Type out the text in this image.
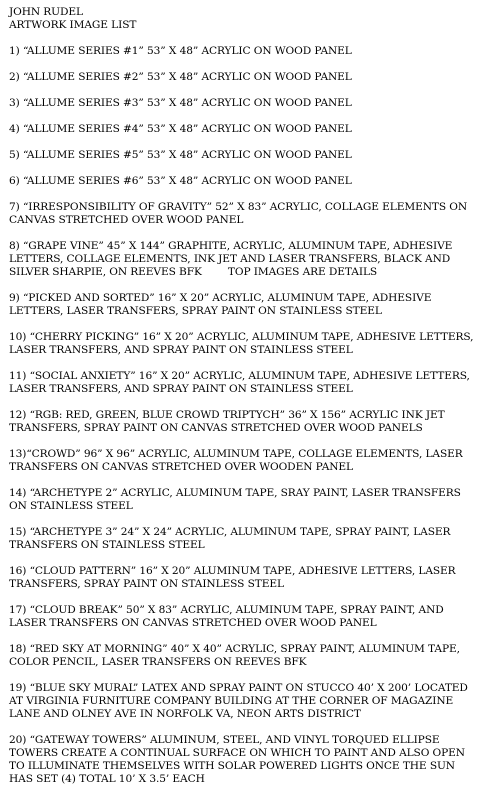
JOHN RUDEL
ARTWORK IMAGE LIST

1) “ALLUME SERIES #1” 53” X 48” ACRYLIC ON WOOD PANEL

2) “ALLUME SERIES #2” 53” X 48” ACRYLIC ON WOOD PANEL

3) “ALLUME SERIES #3” 53” X 48” ACRYLIC ON WOOD PANEL

4) “ALLUME SERIES #4” 53” X 48” ACRYLIC ON WOOD PANEL

5) “ALLUME SERIES #5” 53” X 48” ACRYLIC ON WOOD PANEL

6) “ALLUME SERIES #6” 53” X 48” ACRYLIC ON WOOD PANEL

7) “IRRESPONSIBILITY OF GRAVITY” 52” X 83” ACRYLIC, COLLAGE ELEMENTS ON CANVAS STRETCHED OVER WOOD PANEL

8) “GRAPE VINE” 45” X 144” GRAPHITE, ACRYLIC, ALUMINUM TAPE, ADHESIVE LETTERS, COLLAGE ELEMENTS, INK JET AND LASER TRANSFERS, BLACK AND SILVER SHARPIE, ON REEVES BFK        TOP IMAGES ARE DETAILS

9) “PICKED AND SORTED” 16” X 20” ACRYLIC, ALUMINUM TAPE, ADHESIVE LETTERS, LASER TRANSFERS, SPRAY PAINT ON STAINLESS STEEL

10) “CHERRY PICKING” 16” X 20” ACRYLIC, ALUMINUM TAPE, ADHESIVE LETTERS, LASER TRANSFERS, AND SPRAY PAINT ON STAINLESS STEEL

11) “SOCIAL ANXIETY” 16” X 20” ACRYLIC, ALUMINUM TAPE, ADHESIVE LETTERS, LASER TRANSFERS, AND SPRAY PAINT ON STAINLESS STEEL

12) “RGB: RED, GREEN, BLUE CROWD TRIPTYCH” 36” X 156” ACRYLIC INK JET TRANSFERS, SPRAY PAINT ON CANVAS STRETCHED OVER WOOD PANELS

13)“CROWD” 96” X 96” ACRYLIC, ALUMINUM TAPE, COLLAGE ELEMENTS, LASER TRANSFERS ON CANVAS STRETCHED OVER WOODEN PANEL

14) “ARCHETYPE 2” ACRYLIC, ALUMINUM TAPE, SRAY PAINT, LASER TRANSFERS ON STAINLESS STEEL

15) “ARCHETYPE 3” 24” X 24” ACRYLIC, ALUMINUM TAPE, SPRAY PAINT, LASER TRANSFERS ON STAINLESS STEEL

16) “CLOUD PATTERN” 16” X 20” ALUMINUM TAPE, ADHESIVE LETTERS, LASER TRANSFERS, SPRAY PAINT ON STAINLESS STEEL

17) “CLOUD BREAK” 50” X 83” ACRYLIC, ALUMINUM TAPE, SPRAY PAINT, AND LASER TRANSFERS ON CANVAS STRETCHED OVER WOOD PANEL

18) “RED SKY AT MORNING” 40” X 40” ACRYLIC, SPRAY PAINT, ALUMINUM TAPE, COLOR PENCIL, LASER TRANSFERS ON REEVES BFK

19) “BLUE SKY MURAL” LATEX AND SPRAY PAINT ON STUCCO 40’ X 200’ LOCATED AT VIRGINIA FURNITURE COMPANY BUILDING AT THE CORNER OF MAGAZINE LANE AND OLNEY AVE IN NORFOLK VA, NEON ARTS DISTRICT

20) “GATEWAY TOWERS” ALUMINUM, STEEL, AND VINYL TORQUED ELLIPSE TOWERS CREATE A CONTINUAL SURFACE ON WHICH TO PAINT AND ALSO OPEN TO ILLUMINATE THEMSELVES WITH SOLAR POWERED LIGHTS ONCE THE SUN HAS SET (4) TOTAL 10’ X 3.5’ EACH
